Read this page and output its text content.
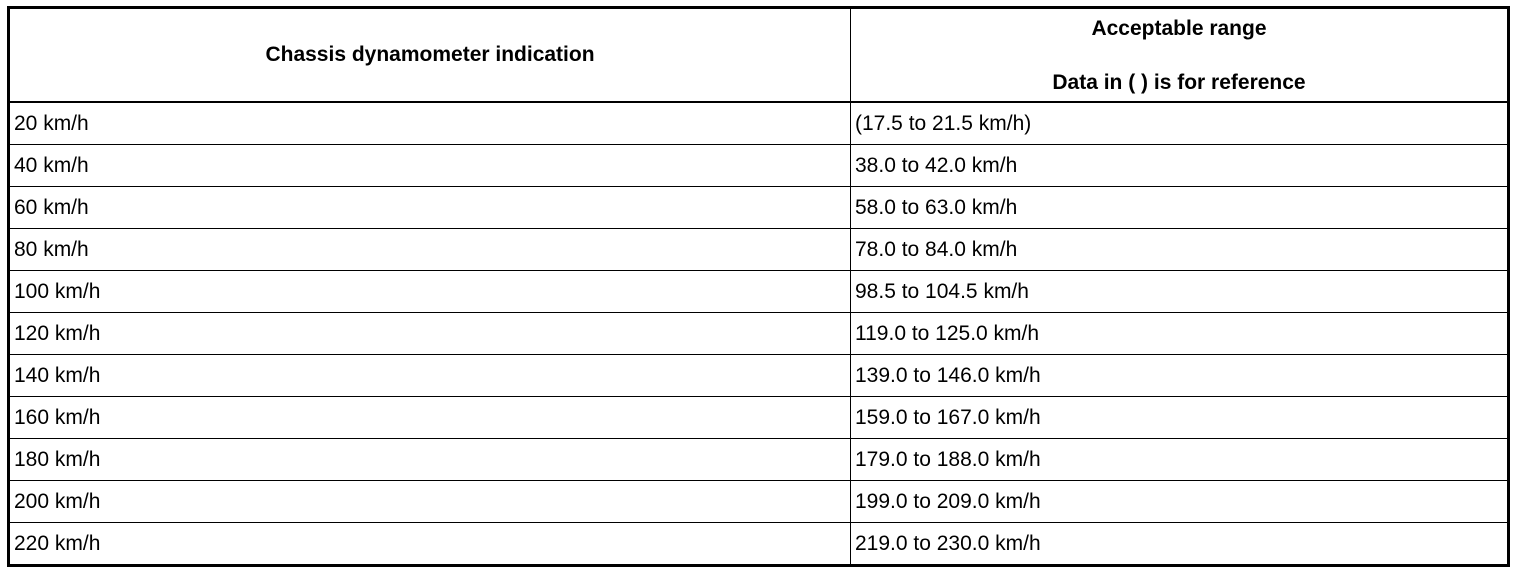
Chassis dynamometer indication	Acceptable range
Data in ( ) is for reference

20 km/h	(17.5 to 21.5 km/h)
40 km/h	38.0 to 42.0 km/h
60 km/h	58.0 to 63.0 km/h
80 km/h	78.0 to 84.0 km/h
100 km/h	98.5 to 104.5 km/h
120 km/h	119.0 to 125.0 km/h
140 km/h	139.0 to 146.0 km/h
160 km/h	159.0 to 167.0 km/h
180 km/h	179.0 to 188.0 km/h
200 km/h	199.0 to 209.0 km/h
220 km/h	219.0 to 230.0 km/h
